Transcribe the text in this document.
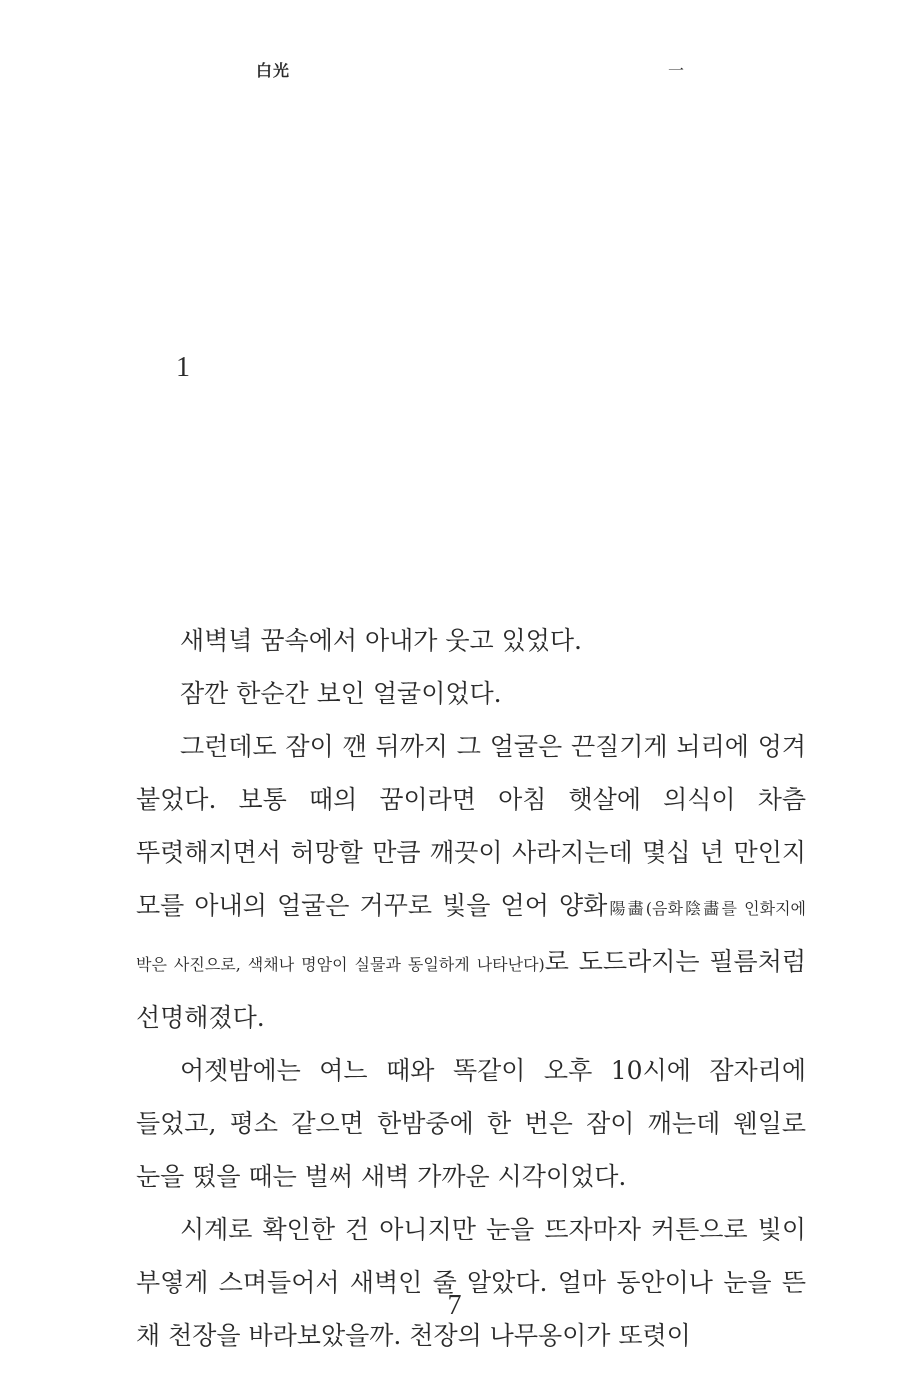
白光	一
1

새벽녘 꿈속에서 아내가 웃고 있었다.

잠깐 한순간 보인 얼굴이었다.

그런데도 잠이 깬 뒤까지 그 얼굴은 끈질기게 뇌리에 엉겨 붙었다. 보통 때의 꿈이라면 아침 햇살에 의식이 차츰 뚜렷해지면서 허망할 만큼 깨끗이 사라지는데 몇십 년 만인지 모를 아내의 얼굴은 거꾸로 빛을 얻어 양화陽畵(음화陰畵를 인화지에 박은 사진으로, 색채나 명암이 실물과 동일하게 나타난다)로 도드라지는 필름처럼 선명해졌다.

어젯밤에는 여느 때와 똑같이 오후 10시에 잠자리에 들었고, 평소 같으면 한밤중에 한 번은 잠이 깨는데 웬일로 눈을 떴을 때는 벌써 새벽 가까운 시각이었다.

시계로 확인한 건 아니지만 눈을 뜨자마자 커튼으로 빛이 부옇게 스며들어서 새벽인 줄 알았다. 얼마 동안이나 눈을 뜬 채 천장을 바라보았을까. 천장의 나무옹이가 또렷이

7
